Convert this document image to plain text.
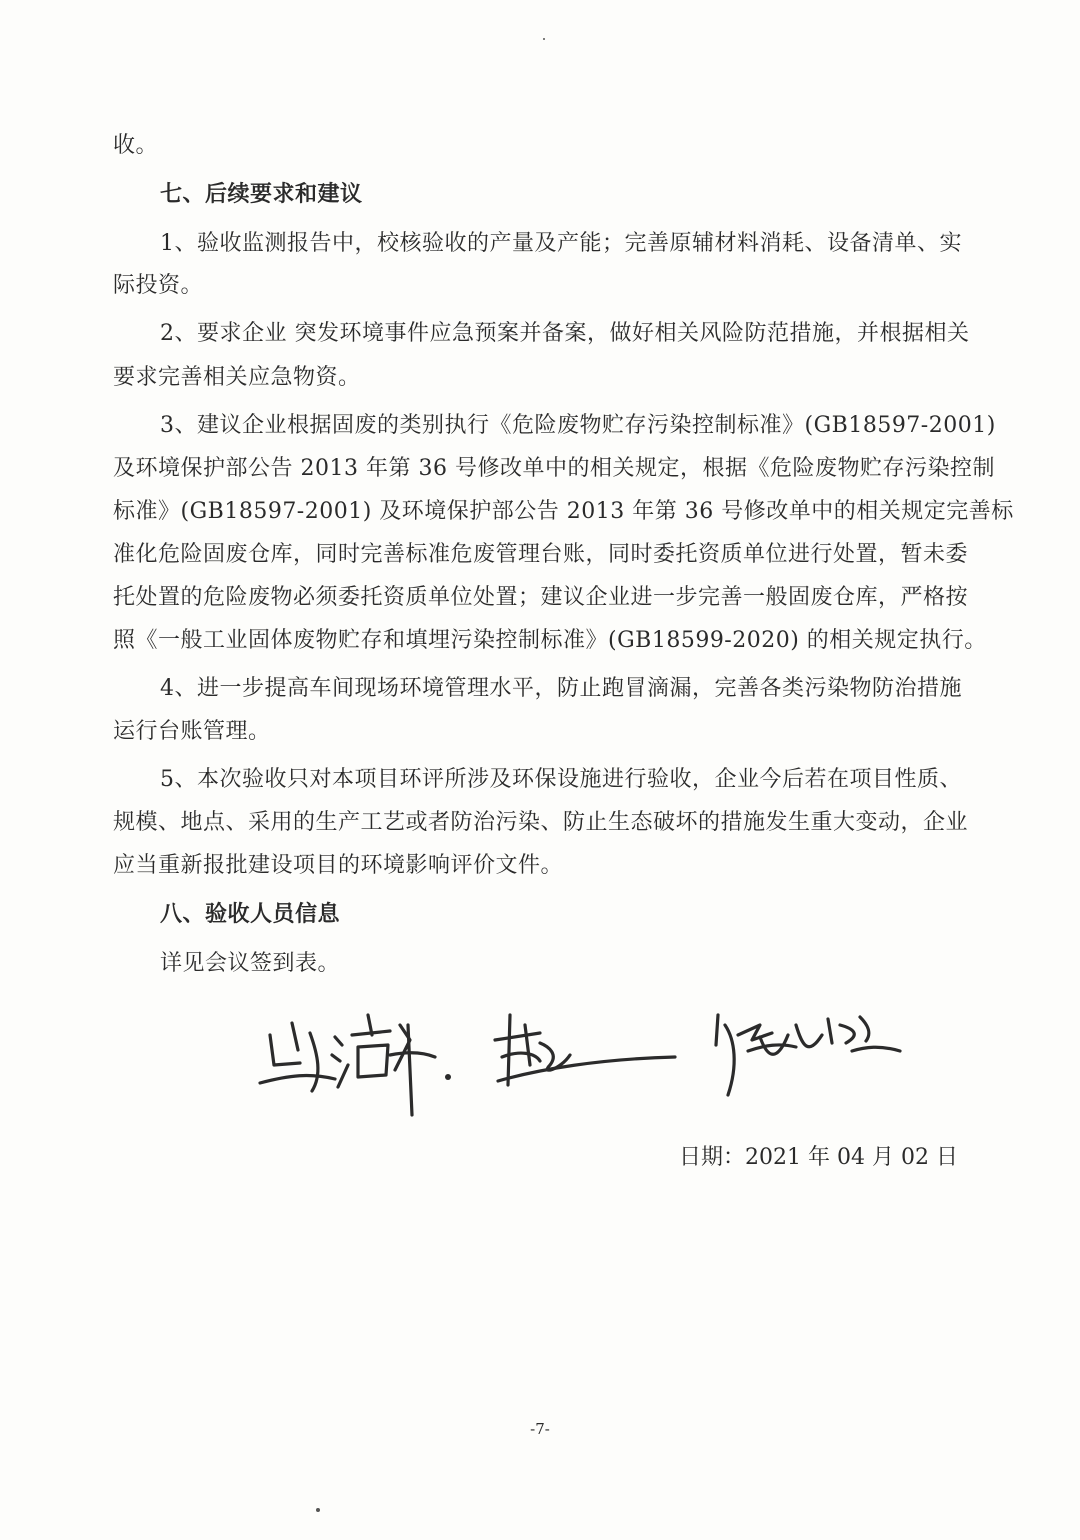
收。
七、后续要求和建议
1、验收监测报告中，校核验收的产量及产能；完善原辅材料消耗、设备清单、实
际投资。
2、要求企业 突发环境事件应急预案并备案，做好相关风险防范措施，并根据相关
要求完善相关应急物资。
3、建议企业根据固废的类别执行《危险废物贮存污染控制标准》(GB18597-2001)
及环境保护部公告 2013 年第 36 号修改单中的相关规定，根据《危险废物贮存污染控制
标准》(GB18597-2001) 及环境保护部公告 2013 年第 36 号修改单中的相关规定完善标
准化危险固废仓库，同时完善标准危废管理台账，同时委托资质单位进行处置，暂未委
托处置的危险废物必须委托资质单位处置；建议企业进一步完善一般固废仓库，严格按
照《一般工业固体废物贮存和填埋污染控制标准》(GB18599-2020) 的相关规定执行。
4、进一步提高车间现场环境管理水平，防止跑冒滴漏，完善各类污染物防治措施
运行台账管理。
5、本次验收只对本项目环评所涉及环保设施进行验收，企业今后若在项目性质、
规模、地点、采用的生产工艺或者防治污染、防止生态破坏的措施发生重大变动，企业
应当重新报批建设项目的环境影响评价文件。
八、验收人员信息
详见会议签到表。
日期：2021 年 04 月 02 日
-7-
